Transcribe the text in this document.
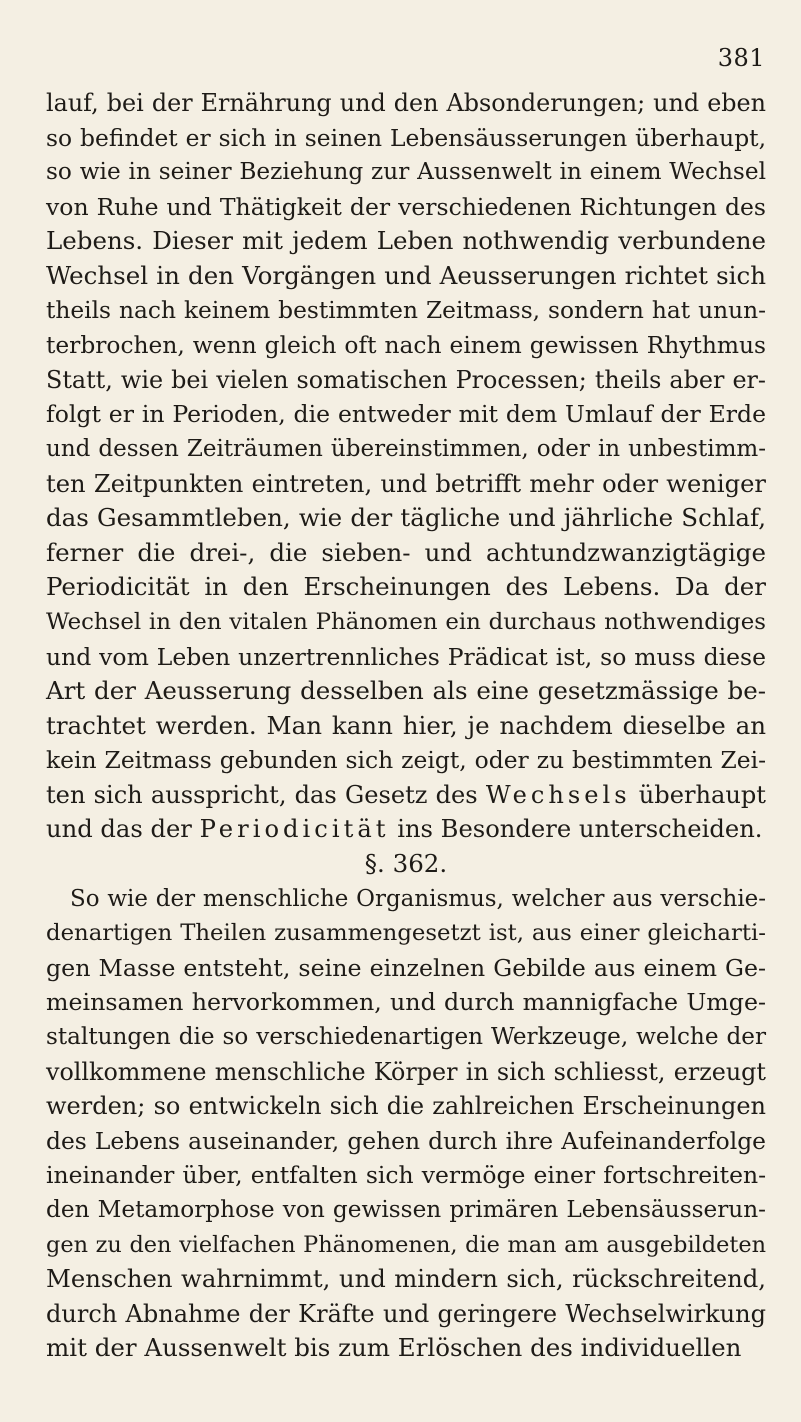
381
lauf, bei der Ernährung und den Absonderungen; und eben
so befindet er sich in seinen Lebensäusserungen überhaupt,
so wie in seiner Beziehung zur Aussenwelt in einem Wechsel
von Ruhe und Thätigkeit der verschiedenen Richtungen des
Lebens. Dieser mit jedem Leben nothwendig verbundene
Wechsel in den Vorgängen und Aeusserungen richtet sich
theils nach keinem bestimmten Zeitmass, sondern hat unun-
terbrochen, wenn gleich oft nach einem gewissen Rhythmus
Statt, wie bei vielen somatischen Processen; theils aber er-
folgt er in Perioden, die entweder mit dem Umlauf der Erde
und dessen Zeiträumen übereinstimmen, oder in unbestimm-
ten Zeitpunkten eintreten, und betrifft mehr oder weniger
das Gesammtleben, wie der tägliche und jährliche Schlaf,
ferner die drei-, die sieben- und achtundzwanzigtägige
Periodicität in den Erscheinungen des Lebens. Da der
Wechsel in den vitalen Phänomen ein durchaus nothwendiges
und vom Leben unzertrennliches Prädicat ist, so muss diese
Art der Aeusserung desselben als eine gesetzmässige be-
trachtet werden. Man kann hier, je nachdem dieselbe an
kein Zeitmass gebunden sich zeigt, oder zu bestimmten Zei-
ten sich ausspricht, das Gesetz des Wechsels überhaupt
und das der Periodicität ins Besondere unterscheiden.
§. 362.
So wie der menschliche Organismus, welcher aus verschie-
denartigen Theilen zusammengesetzt ist, aus einer gleicharti-
gen Masse entsteht, seine einzelnen Gebilde aus einem Ge-
meinsamen hervorkommen, und durch mannigfache Umge-
staltungen die so verschiedenartigen Werkzeuge, welche der
vollkommene menschliche Körper in sich schliesst, erzeugt
werden; so entwickeln sich die zahlreichen Erscheinungen
des Lebens auseinander, gehen durch ihre Aufeinanderfolge
ineinander über, entfalten sich vermöge einer fortschreiten-
den Metamorphose von gewissen primären Lebensäusserun-
gen zu den vielfachen Phänomenen, die man am ausgebildeten
Menschen wahrnimmt, und mindern sich, rückschreitend,
durch Abnahme der Kräfte und geringere Wechselwirkung
mit der Aussenwelt bis zum Erlöschen des individuellen
